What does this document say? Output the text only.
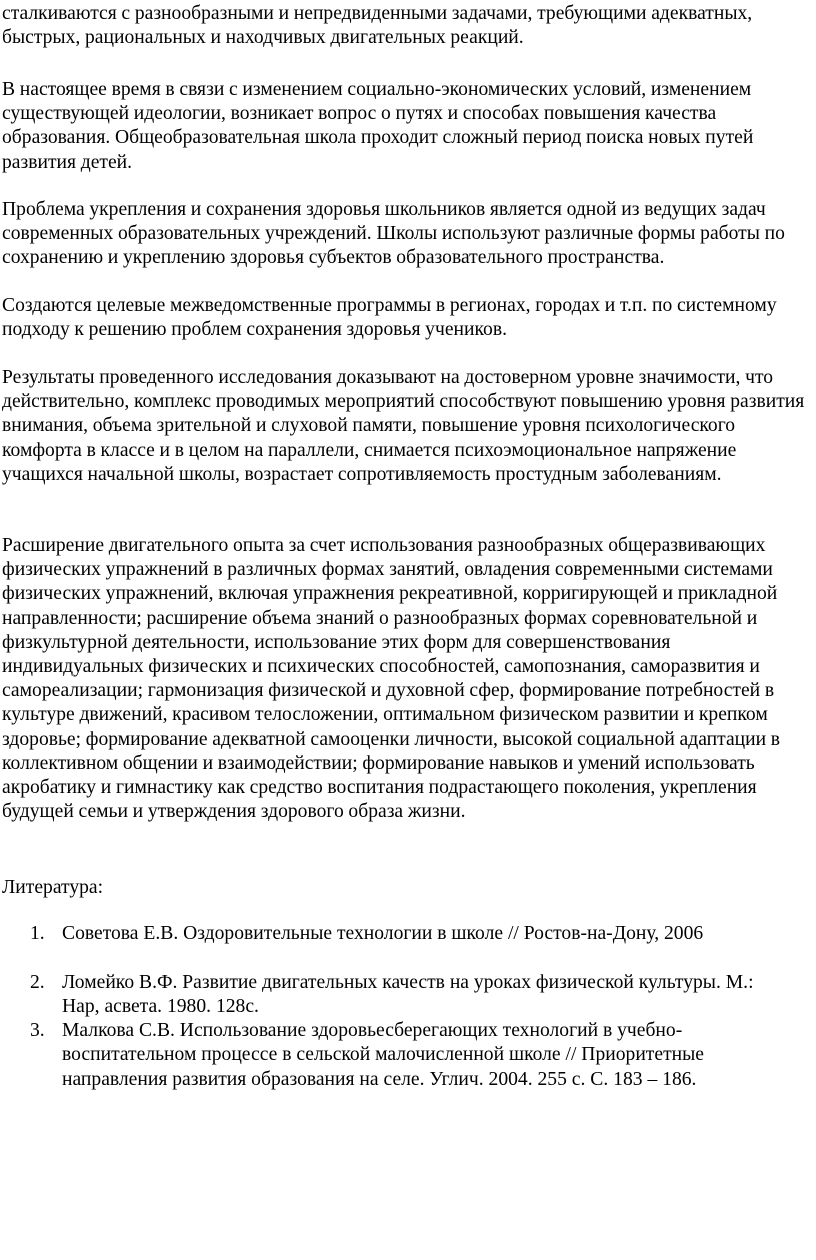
сталкиваются с разнообразными и непредвиденными задачами, требующими адекватных, быстрых, рациональных и находчивых двигательных реакций.

В настоящее время в связи с изменением социально-экономических условий, изменением существующей идеологии, возникает вопрос о путях и способах повышения качества образования. Общеобразовательная школа проходит сложный период поиска новых путей развития детей.

Проблема укрепления и сохранения здоровья школьников является одной из ведущих задач современных образовательных учреждений. Школы используют различные формы работы по сохранению и укреплению здоровья субъектов образовательного пространства.

Создаются целевые межведомственные программы в регионах, городах и т.п. по системному подходу к решению проблем сохранения здоровья учеников.

Результаты проведенного исследования доказывают на достоверном уровне значимости, что действительно, комплекс проводимых мероприятий способствуют повышению уровня развития внимания, объема зрительной и слуховой памяти, повышение уровня психологического комфорта в классе и в целом на параллели, снимается психоэмоциональное напряжение учащихся начальной школы, возрастает сопротивляемость простудным заболеваниям.

Расширение двигательного опыта за счет использования разнообразных общеразвивающих физических упражнений в различных формах занятий, овладения современными системами физических упражнений, включая упражнения рекреативной, корригирующей и прикладной направленности; расширение объема знаний о разнообразных формах соревновательной и физкультурной деятельности, использование этих форм для совершенствования индивидуальных физических и психических способностей, самопознания, саморазвития и самореализации; гармонизация физической и духовной сфер, формирование потребностей в культуре движений, красивом телосложении, оптимальном физическом развитии и крепком здоровье; формирование адекватной самооценки личности, высокой социальной адаптации в коллективном общении и взаимодействии; формирование навыков и умений использовать акробатику и гимнастику как средство воспитания подрастающего поколения, укрепления будущей семьи и утверждения здорового образа жизни.

Литература:

1. Советова Е.В. Оздоровительные технологии в школе // Ростов-на-Дону, 2006
2. Ломейко В.Ф. Развитие двигательных качеств на уроках физической культуры. М.: Нар, асвета. 1980. 128с.
3. Малкова С.В. Использование здоровьесберегающих технологий в учебно-воспитательном процессе в сельской малочисленной школе // Приоритетные направления развития образования на селе. Углич. 2004. 255 с. С. 183 – 186.
